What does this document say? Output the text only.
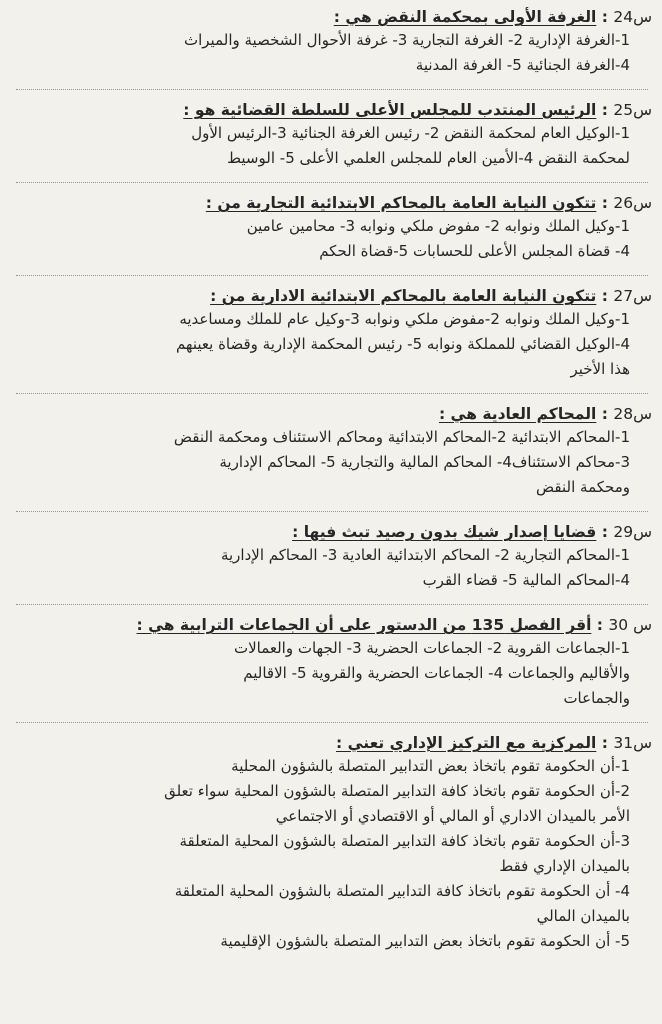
س24 : الغرفة الأولى بمحكمة النقض هي :
1-الغرفة الإدارية 2- الغرفة التجارية 3- غرفة الأحوال الشخصية والميراث
4-الغرفة الجنائية 5- الغرفة المدنية
س25 : الرئيس المنتدب للمجلس الأعلى للسلطة القضائية هو :
1-الوكيل العام لمحكمة النقض 2- رئيس الغرفة الجنائية 3-الرئيس الأول
لمحكمة النقض 4-الأمين العام للمجلس العلمي الأعلى 5- الوسيط
س26 : تتكون النيابة العامة بالمحاكم الابتدائية التجارية من :
1-وكيل الملك ونوابه 2- مفوض ملكي ونوابه 3- محامين عامين
4- قضاة المجلس الأعلى للحسابات 5-قضاة الحكم
س27 : تتكون النيابة العامة بالمحاكم الابتدائية الادارية من :
1-وكيل الملك ونوابه 2-مفوض ملكي ونوابه 3-وكيل عام للملك ومساعديه
4-الوكيل القضائي للمملكة ونوابه 5- رئيس المحكمة الإدارية وقضاة يعينهم
هذا الأخير
س28 : المحاكم العادية هي :
1-المحاكم الابتدائية 2-المحاكم الابتدائية ومحاكم الاستئناف ومحكمة النقض
3-محاكم الاستئناف4- المحاكم المالية والتجارية 5- المحاكم الإدارية
ومحكمة النقض
س29 : قضايا إصدار شيك بدون رصيد تبث فيها :
1-المحاكم التجارية 2- المحاكم الابتدائية العادية 3- المحاكم الإدارية
4-المحاكم المالية 5- قضاء القرب
س 30 : أقر الفصل 135 من الدستور على أن الجماعات الترابية هي :
1-الجماعات القروية 2- الجماعات الحضرية 3- الجهات والعمالات
والأقاليم والجماعات 4- الجماعات الحضرية والقروية 5- الاقاليم
والجماعات
س31 : المركزية مع التركيز الإداري تعني :
1-أن الحكومة تقوم باتخاذ بعض التدابير المتصلة بالشؤون المحلية
2-أن الحكومة تقوم باتخاذ كافة التدابير المتصلة بالشؤون المحلية سواء تعلق
الأمر بالميدان الاداري أو المالي أو الاقتصادي أو الاجتماعي
3-أن الحكومة تقوم باتخاذ كافة التدابير المتصلة بالشؤون المحلية المتعلقة
بالميدان الإداري فقط
4- أن الحكومة تقوم باتخاذ كافة التدابير المتصلة بالشؤون المحلية المتعلقة
بالميدان المالي
5- أن الحكومة تقوم باتخاذ بعض التدابير المتصلة بالشؤون الإقليمية
